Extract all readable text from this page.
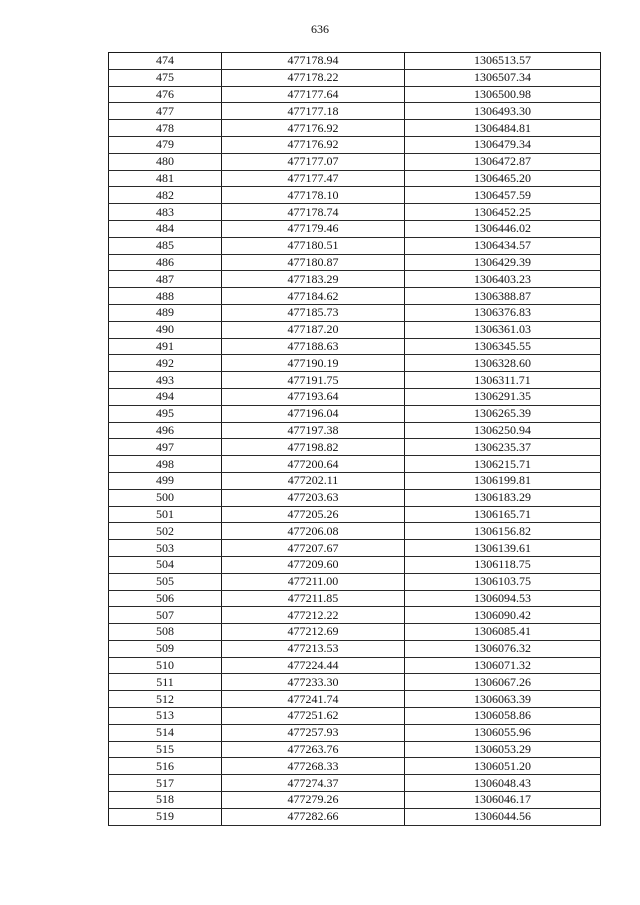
636
474	477178.94	1306513.57
475	477178.22	1306507.34
476	477177.64	1306500.98
477	477177.18	1306493.30
478	477176.92	1306484.81
479	477176.92	1306479.34
480	477177.07	1306472.87
481	477177.47	1306465.20
482	477178.10	1306457.59
483	477178.74	1306452.25
484	477179.46	1306446.02
485	477180.51	1306434.57
486	477180.87	1306429.39
487	477183.29	1306403.23
488	477184.62	1306388.87
489	477185.73	1306376.83
490	477187.20	1306361.03
491	477188.63	1306345.55
492	477190.19	1306328.60
493	477191.75	1306311.71
494	477193.64	1306291.35
495	477196.04	1306265.39
496	477197.38	1306250.94
497	477198.82	1306235.37
498	477200.64	1306215.71
499	477202.11	1306199.81
500	477203.63	1306183.29
501	477205.26	1306165.71
502	477206.08	1306156.82
503	477207.67	1306139.61
504	477209.60	1306118.75
505	477211.00	1306103.75
506	477211.85	1306094.53
507	477212.22	1306090.42
508	477212.69	1306085.41
509	477213.53	1306076.32
510	477224.44	1306071.32
511	477233.30	1306067.26
512	477241.74	1306063.39
513	477251.62	1306058.86
514	477257.93	1306055.96
515	477263.76	1306053.29
516	477268.33	1306051.20
517	477274.37	1306048.43
518	477279.26	1306046.17
519	477282.66	1306044.56
